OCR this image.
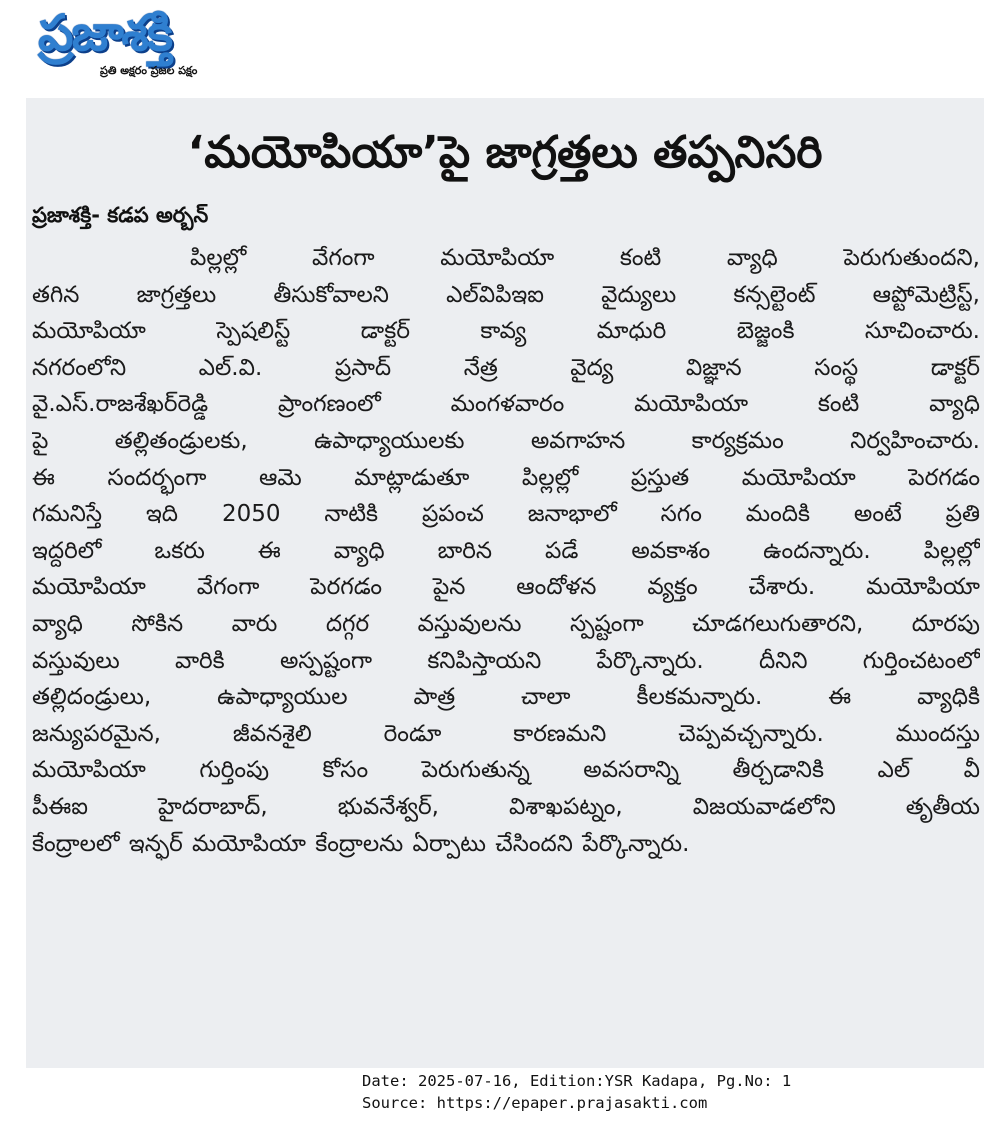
ప్రజాశక్తి
ప్రతి అక్షరం ప్రజల పక్షం
‘మయోపియా’పై జాగ్రత్తలు తప్పనిసరి
ప్రజాశక్తి- కడప అర్బన్
పిల్లల్లో వేగంగా మయోపియా కంటి వ్యాధి పెరుగుతుందని,
తగిన జాగ్రత్తలు తీసుకోవాలని ఎల్‌విపిఇఐ వైద్యులు కన్సల్టెంట్ ఆప్టోమెట్రిస్ట్,
మయోపియా స్పెషలిస్ట్ డాక్టర్ కావ్య మాధురి బెజ్జంకి సూచించారు.
నగరంలోని ఎల్.వి. ప్రసాద్ నేత్ర వైద్య విజ్ఞాన సంస్థ డాక్టర్
వై.ఎస్.రాజశేఖర్‌రెడ్డి ప్రాంగణంలో మంగళవారం మయోపియా కంటి వ్యాధి
పై తల్లితండ్రులకు, ఉపాధ్యాయులకు అవగాహన కార్యక్రమం నిర్వహించారు.
ఈ సందర్భంగా ఆమె మాట్లాడుతూ పిల్లల్లో ప్రస్తుత మయోపియా పెరగడం
గమనిస్తే ఇది 2050 నాటికి ప్రపంచ జనాభాలో సగం మందికి అంటే ప్రతి
ఇద్దరిలో ఒకరు ఈ వ్యాధి బారిన పడే అవకాశం ఉందన్నారు. పిల్లల్లో
మయోపియా వేగంగా పెరగడం పైన ఆందోళన వ్యక్తం చేశారు. మయోపియా
వ్యాధి సోకిన వారు దగ్గర వస్తువులను స్పష్టంగా చూడగలుగుతారని, దూరపు
వస్తువులు వారికి అస్పష్టంగా కనిపిస్తాయని పేర్కొన్నారు. దీనిని గుర్తించటంలో
తల్లిదండ్రులు, ఉపాధ్యాయుల పాత్ర చాలా కీలకమన్నారు. ఈ వ్యాధికి
జన్యుపరమైన, జీవనశైలి రెండూ కారణమని చెప్పవచ్చన్నారు. ముందస్తు
మయోపియా గుర్తింపు కోసం పెరుగుతున్న అవసరాన్ని తీర్చడానికి ఎల్ వీ
పీఈఐ హైదరాబాద్, భువనేశ్వర్, విశాఖపట్నం, విజయవాడలోని తృతీయ
కేంద్రాలలో ఇన్ఫర్ మయోపియా కేంద్రాలను ఏర్పాటు చేసిందని పేర్కొన్నారు.
Date: 2025-07-16, Edition:YSR Kadapa, Pg.No: 1
Source: https://epaper.prajasakti.com
